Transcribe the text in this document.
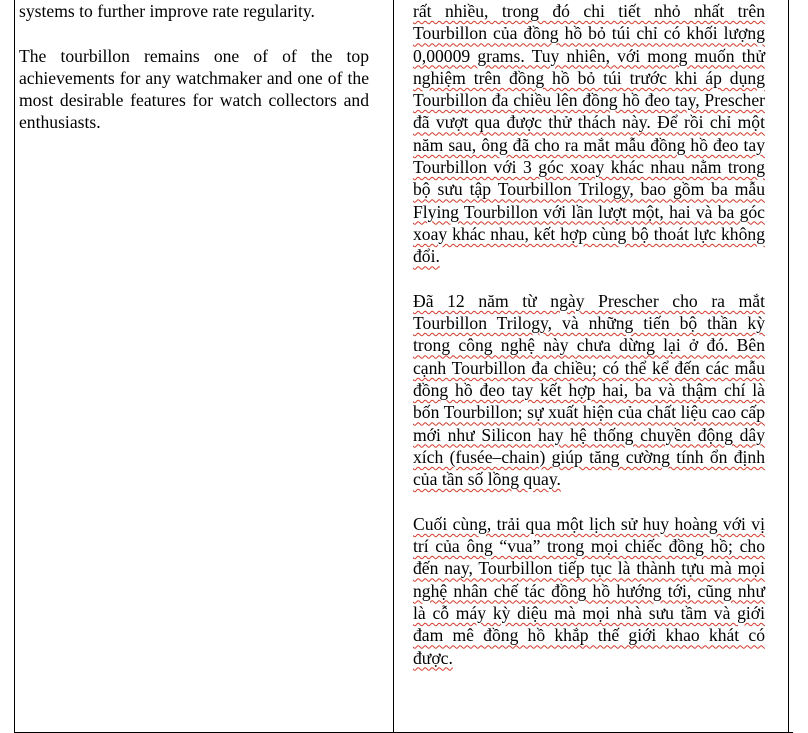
systems to further improve rate regularity.

The tourbillon remains one of of the top achievements for any watchmaker and one of the most desirable features for watch collectors and enthusiasts.

rất nhiều, trong đó chi tiết nhỏ nhất trên Tourbillon của đồng hồ bỏ túi chỉ có khối lượng 0,00009 grams. Tuy nhiên, với mong muốn thử nghiệm trên đồng hồ bỏ túi trước khi áp dụng Tourbillon đa chiều lên đồng hồ đeo tay, Prescher đã vượt qua được thử thách này. Để rồi chỉ một năm sau, ông đã cho ra mắt mẫu đồng hồ đeo tay Tourbillon với 3 góc xoay khác nhau nằm trong bộ sưu tập Tourbillon Trilogy, bao gồm ba mẫu Flying Tourbillon với lần lượt một, hai và ba góc xoay khác nhau, kết hợp cùng bộ thoát lực không đổi.

Đã 12 năm từ ngày Prescher cho ra mắt Tourbillon Trilogy, và những tiến bộ thần kỳ trong công nghệ này chưa dừng lại ở đó. Bên cạnh Tourbillon đa chiều; có thể kể đến các mẫu đồng hồ đeo tay kết hợp hai, ba và thậm chí là bốn Tourbillon; sự xuất hiện của chất liệu cao cấp mới như Silicon hay hệ thống chuyền động dây xích (fusée–chain) giúp tăng cường tính ổn định của tần số lồng quay.

Cuối cùng, trải qua một lịch sử huy hoàng với vị trí của ông “vua” trong mọi chiếc đồng hồ; cho đến nay, Tourbillon tiếp tục là thành tựu mà mọi nghệ nhân chế tác đồng hồ hướng tới, cũng như là cỗ máy kỳ diệu mà mọi nhà sưu tầm và giới đam mê đồng hồ khắp thế giới khao khát có được.
